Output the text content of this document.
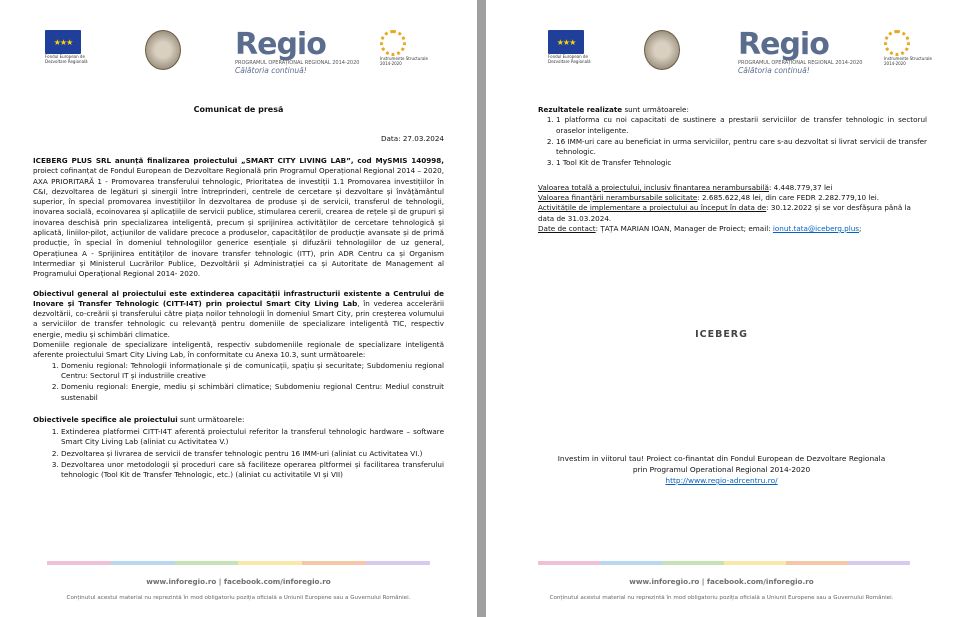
★★★
Fondul European de Dezvoltare Regională	Regio
PROGRAMUL OPERAȚIONAL REGIONAL 2014-2020
Călătoria continuă!
Instrumente Structurale 2014-2020
Comunicat de presă
Data: 27.03.2024

ICEBERG PLUS SRL anunță finalizarea proiectului „SMART CITY LIVING LAB”, cod MySMIS 140998, proiect cofinanțat de Fondul European de Dezvoltare Regională prin Programul Operațional Regional 2014 – 2020, AXA PRIORITARĂ 1 - Promovarea transferului tehnologic, Prioritatea de investiții 1.1 Promovarea investițiilor în C&I, dezvoltarea de legături și sinergii între întreprinderi, centrele de cercetare și dezvoltare și învățământul superior, în special promovarea investițiilor în dezvoltarea de produse și de servicii, transferul de tehnologii, inovarea socială, ecoinovarea și aplicațiile de servicii publice, stimularea cererii, crearea de rețele și de grupuri și inovarea deschisă prin specializarea inteligentă, precum și sprijinirea activităților de cercetare tehnologică și aplicată, liniilor-pilot, acțiunilor de validare precoce a produselor, capacităților de producție avansate și de primă producție, în special în domeniul tehnologiilor generice esențiale și difuzării tehnologiilor de uz general, Operațiunea A - Sprijinirea entităților de inovare transfer tehnologic (ITT), prin ADR Centru ca și Organism Intermediar și Ministerul Lucrărilor Publice, Dezvoltării și Administrației ca și Autoritate de Management al Programului Operațional Regional 2014- 2020.

Obiectivul general al proiectului este extinderea capacității infrastructurii existente a Centrului de Inovare și Transfer Tehnologic (CITT-I4T) prin proiectul Smart City Living Lab, în vederea accelerării dezvoltării, co-creării și transferului către piața noilor tehnologii în domeniul Smart City, prin creșterea volumului a serviciilor de transfer tehnologic cu relevanță pentru domeniile de specializare inteligentă TIC, respectiv energie, mediu și schimbări climatice.

Domeniile regionale de specializare inteligentă, respectiv subdomeniile regionale de specializare inteligentă aferente proiectului Smart City Living Lab, în conformitate cu Anexa 10.3, sunt următoarele:

1. Domeniu regional: Tehnologii informaționale și de comunicații, spațiu și securitate; Subdomeniu regional Centru: Sectorul IT și industriile creative
2. Domeniu regional: Energie, mediu și schimbări climatice; Subdomeniu regional Centru: Mediul construit sustenabil

Obiectivele specifice ale proiectului sunt următoarele:

1. Extinderea platformei CITT-I4T aferentă proiectului referitor la transferul tehnologic hardware – software Smart City Living Lab (aliniat cu Activitatea V.)
2. Dezvoltarea și livrarea de servicii de transfer tehnologic pentru 16 IMM-uri (aliniat cu Activitatea VI.)
3. Dezvoltarea unor metodologii și proceduri care să faciliteze operarea pltformei și facilitarea transferului tehnologic (Tool Kit de Transfer Tehnologic, etc.) (aliniat cu activitatile VI și VII)
www.inforegio.ro | facebook.com/inforegio.ro
Conținutul acestui material nu reprezintă în mod obligatoriu poziția oficială a Uniunii Europene sau a Guvernului României.
★★★
Fondul European de Dezvoltare Regională	Regio
PROGRAMUL OPERAȚIONAL REGIONAL 2014-2020
Călătoria continuă!
Instrumente Structurale 2014-2020

Rezultatele realizate sunt următoarele:

1. 1 platforma cu noi capacitati de sustinere a prestarii serviciilor de transfer tehnologic in sectorul oraselor inteligente.
2. 16 IMM-uri care au beneficiat in urma serviciilor, pentru care s-au dezvoltat si livrat servicii de transfer tehnologic.
3. 1 Tool Kit de Transfer Tehnologic

Valoarea totală a proiectului, inclusiv finantarea nerambursabilă: 4.448.779,37 lei

Valoarea finanțării nerambursabile solicitate: 2.685.622,48 lei, din care FEDR 2.282.779,10 lei.

Activitățile de implementare a proiectului au început în data de: 30.12.2022 și se vor desfășura până la data de 31.03.2024.

Date de contact: ȚAȚA MARIAN IOAN, Manager de Proiect; email: ionut.tata@iceberg.plus;

ICEBERG
Investim in viitorul tau! Proiect co-finantat din Fondul European de Dezvoltare Regionala
prin Programul Operational Regional 2014-2020
http://www.regio-adrcentru.ro/
www.inforegio.ro | facebook.com/inforegio.ro
Conținutul acestui material nu reprezintă în mod obligatoriu poziția oficială a Uniunii Europene sau a Guvernului României.
